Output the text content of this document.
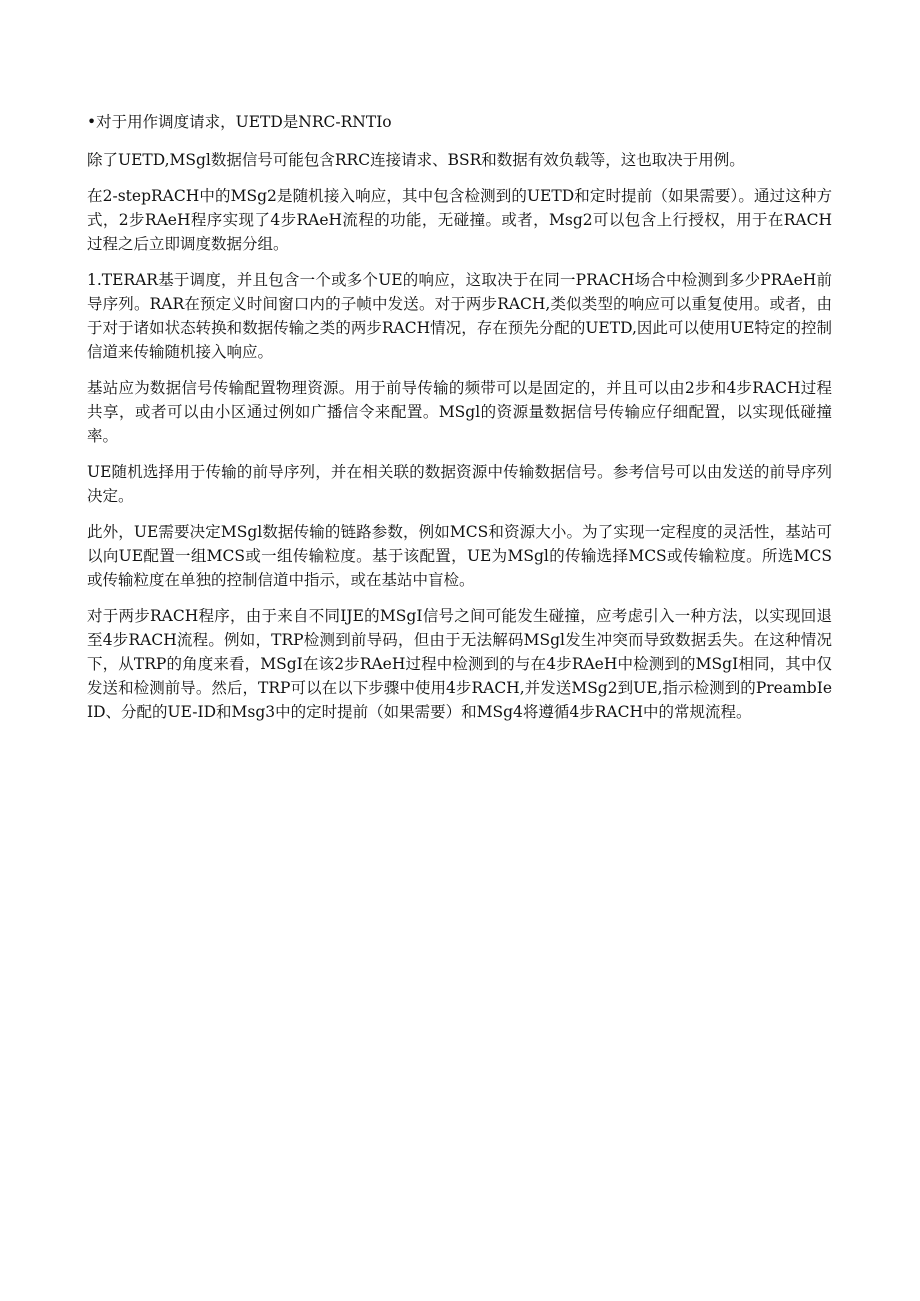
•对于用作调度请求，UETD是NRC-RNTIo

除了UETD,MSgl数据信号可能包含RRC连接请求、BSR和数据有效负载等，这也取决于用例。

在2-stepRACH中的MSg2是随机接入响应，其中包含检测到的UETD和定时提前（如果需要）。通过这种方式，2步RAeH程序实现了4步RAeH流程的功能，无碰撞。或者，Msg2可以包含上行授权，用于在RACH过程之后立即调度数据分组。

1.TERAR基于调度，并且包含一个或多个UE的响应，这取决于在同一PRACH场合中检测到多少PRAeH前导序列。RAR在预定义时间窗口内的子帧中发送。对于两步RACH,类似类型的响应可以重复使用。或者，由于对于诸如状态转换和数据传输之类的两步RACH情况，存在预先分配的UETD,因此可以使用UE特定的控制信道来传输随机接入响应。

基站应为数据信号传输配置物理资源。用于前导传输的频带可以是固定的，并且可以由2步和4步RACH过程共享，或者可以由小区通过例如广播信令来配置。MSgl的资源量数据信号传输应仔细配置，以实现低碰撞率。

UE随机选择用于传输的前导序列，并在相关联的数据资源中传输数据信号。参考信号可以由发送的前导序列决定。

此外，UE需要决定MSgl数据传输的链路参数，例如MCS和资源大小。为了实现一定程度的灵活性，基站可以向UE配置一组MCS或一组传输粒度。基于该配置，UE为MSgl的传输选择MCS或传输粒度。所选MCS或传输粒度在单独的控制信道中指示，或在基站中盲检。

对于两步RACH程序，由于来自不同IJE的MSgI信号之间可能发生碰撞，应考虑引入一种方法，以实现回退至4步RACH流程。例如，TRP检测到前导码，但由于无法解码MSgl发生冲突而导致数据丢失。在这种情况下，从TRP的角度来看，MSgI在该2步RAeH过程中检测到的与在4步RAeH中检测到的MSgI相同，其中仅发送和检测前导。然后，TRP可以在以下步骤中使用4步RACH,并发送MSg2到UE,指示检测到的PreambIeID、分配的UE-ID和Msg3中的定时提前（如果需要）和MSg4将遵循4步RACH中的常规流程。
